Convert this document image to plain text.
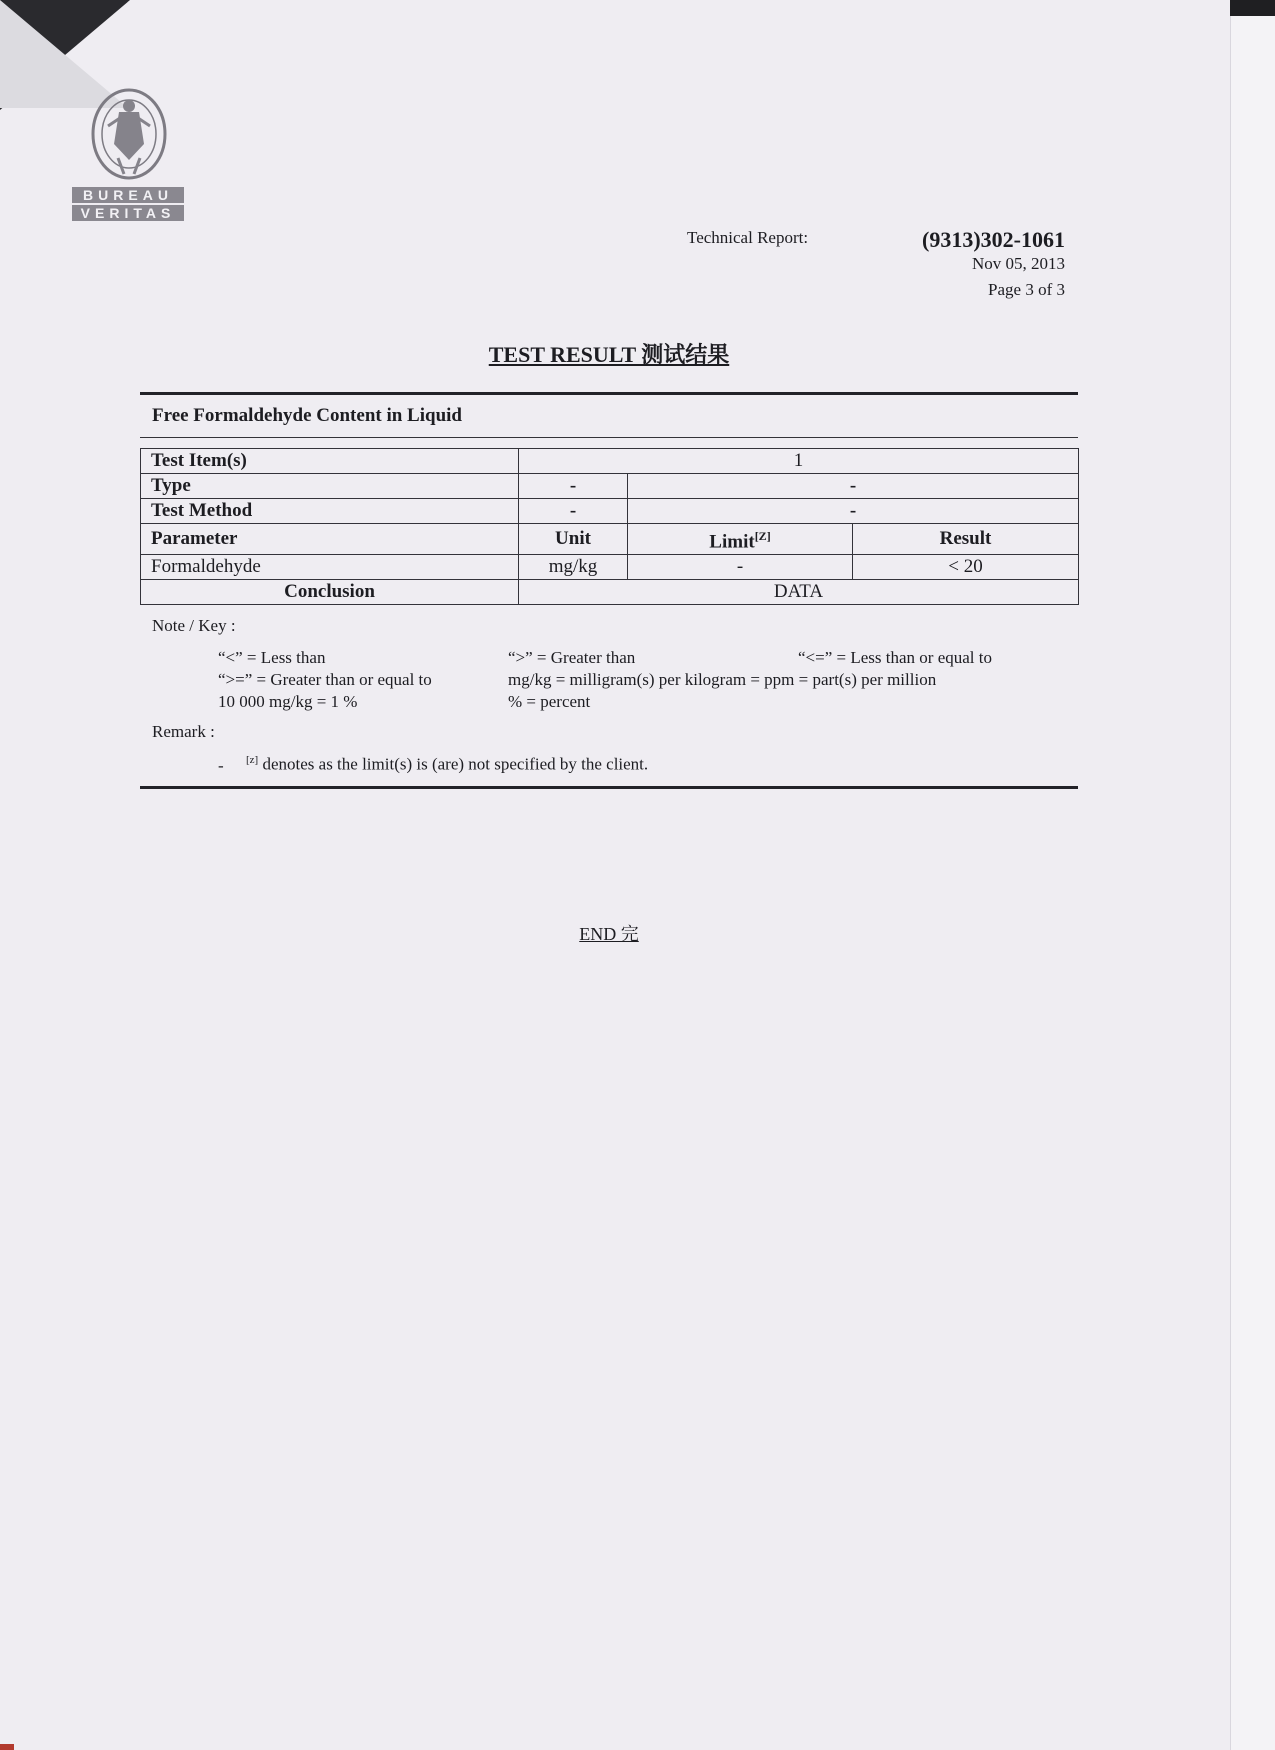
BUREAU
VERITAS
Technical Report:	(9313)302-1061
Nov 05, 2013
Page 3 of 3
TEST RESULT 测试结果
Free Formaldehyde Content in Liquid
Test Item(s)	1		
Type	-	-	
Test Method	-	-	
Parameter	Unit	Limit[Z]	Result
Formaldehyde	mg/kg	-	< 20
Conclusion	DATA		
Note / Key :
“<” = Less than	“>” = Greater than	“<=” = Less than or equal to
“>=” = Greater than or equal to	mg/kg = milligram(s) per kilogram = ppm = part(s) per million
10 000 mg/kg = 1 %	% = percent
Remark :
- [z] denotes as the limit(s) is (are) not specified by the client.
END 完
